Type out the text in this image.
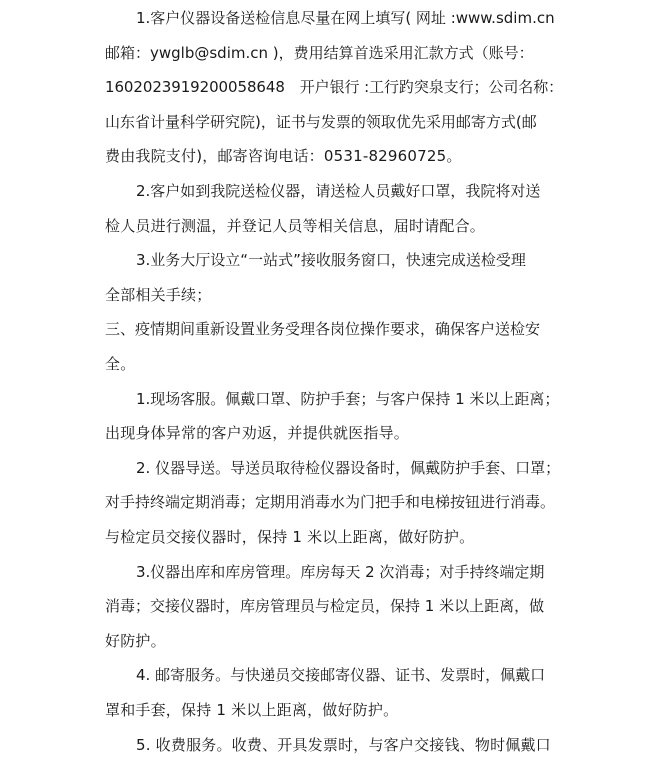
1.客户仪器设备送检信息尽量在网上填写( 网址 :www.sdim.cn
邮箱：ywglb@sdim.cn )，费用结算首选采用汇款方式（账号：
1602023919200058648　开户银行 :工行趵突泉支行；公司名称：
山东省计量科学研究院)，证书与发票的领取优先采用邮寄方式(邮
费由我院支付)，邮寄咨询电话：0531-82960725。
2.客户如到我院送检仪器，请送检人员戴好口罩，我院将对送
检人员进行测温，并登记人员等相关信息，届时请配合。
3.业务大厅设立“一站式”接收服务窗口，快速完成送检受理
全部相关手续；
三、疫情期间重新设置业务受理各岗位操作要求，确保客户送检安
全。
1.现场客服。佩戴口罩、防护手套；与客户保持 1 米以上距离；
出现身体异常的客户劝返，并提供就医指导。
2. 仪器导送。导送员取待检仪器设备时，佩戴防护手套、口罩；
对手持终端定期消毒；定期用消毒水为门把手和电梯按钮进行消毒。
与检定员交接仪器时，保持 1 米以上距离，做好防护。
3.仪器出库和库房管理。库房每天 2 次消毒；对手持终端定期
消毒；交接仪器时，库房管理员与检定员，保持 1 米以上距离，做
好防护。
4. 邮寄服务。与快递员交接邮寄仪器、证书、发票时，佩戴口
罩和手套，保持 1 米以上距离，做好防护。
5. 收费服务。收费、开具发票时，与客户交接钱、物时佩戴口
